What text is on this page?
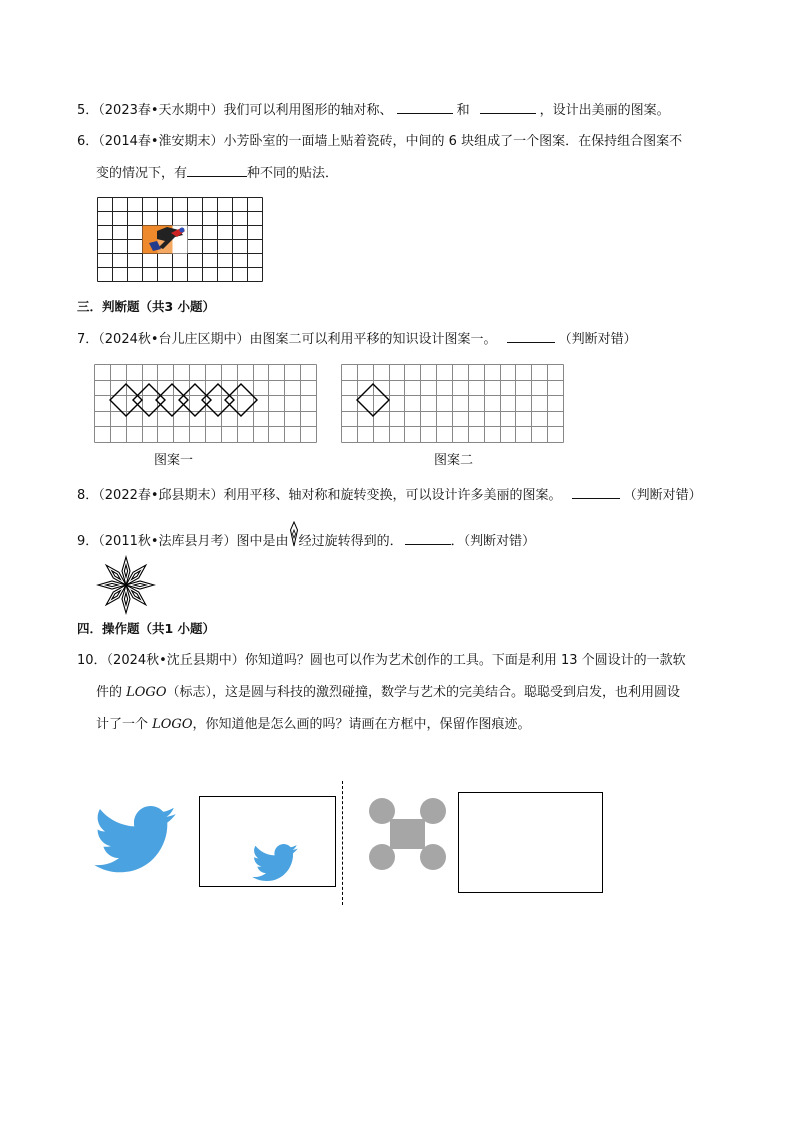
5．（2023春•天水期中）我们可以利用图形的轴对称、	和	，设计出美丽的图案。
6．（2014春•淮安期末）小芳卧室的一面墙上贴着瓷砖，中间的 6 块组成了一个图案．在保持组合图案不
变的情况下，有	种不同的贴法．
三．判断题（共3 小题）
7．（2024秋•台儿庄区期中）由图案二可以利用平移的知识设计图案一。	（判断对错）
图案一	图案二
8．（2022春•邱县期末）利用平移、轴对称和旋转变换，可以设计许多美丽的图案。	（判断对错）
9．（2011秋•法库县月考）图中是由 经过旋转得到的．	．（判断对错）
四．操作题（共1 小题）
10．（2024秋•沈丘县期中）你知道吗？圆也可以作为艺术创作的工具。下面是利用 13 个圆设计的一款软
件的 LOGO（标志），这是圆与科技的激烈碰撞，数学与艺术的完美结合。聪聪受到启发，也利用圆设
计了一个 LOGO，你知道他是怎么画的吗？请画在方框中，保留作图痕迹。
